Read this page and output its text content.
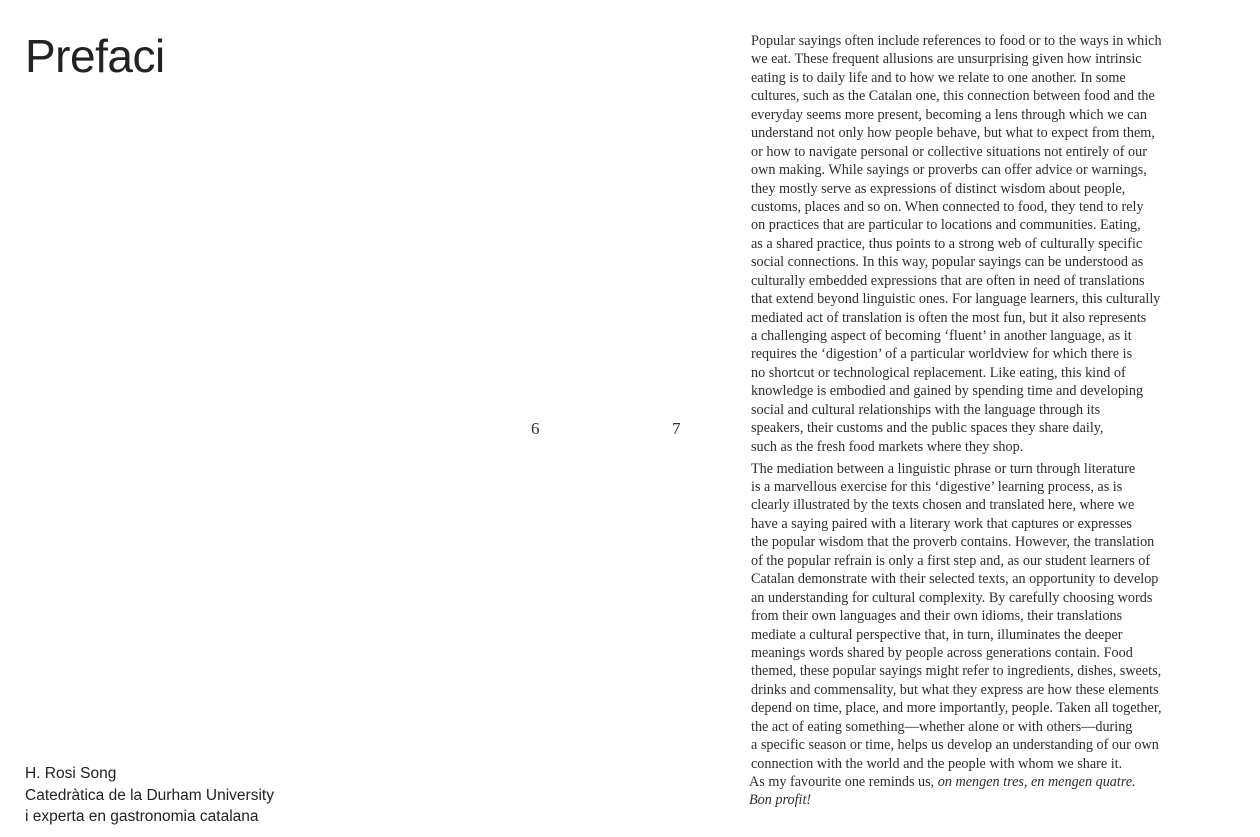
Prefaci
H. Rosi Song
Catedràtica de la Durham University
i experta en gastronomia catalana
6	7
Popular sayings often include references to food or to the ways in which
we eat. These frequent allusions are unsurprising given how intrinsic
eating is to daily life and to how we relate to one another. In some
cultures, such as the Catalan one, this connection between food and the
everyday seems more present, becoming a lens through which we can
understand not only how people behave, but what to expect from them,
or how to navigate personal or collective situations not entirely of our
own making. While sayings or proverbs can offer advice or warnings,
they mostly serve as expressions of distinct wisdom about people,
customs, places and so on. When connected to food, they tend to rely
on practices that are particular to locations and communities. Eating,
as a shared practice, thus points to a strong web of culturally specific
social connections. In this way, popular sayings can be understood as
culturally embedded expressions that are often in need of translations
that extend beyond linguistic ones. For language learners, this culturally
mediated act of translation is often the most fun, but it also represents
a challenging aspect of becoming ‘fluent’ in another language, as it
requires the ‘digestion’ of a particular worldview for which there is
no shortcut or technological replacement. Like eating, this kind of
knowledge is embodied and gained by spending time and developing
social and cultural relationships with the language through its
speakers, their customs and the public spaces they share daily,
such as the fresh food markets where they shop.
The mediation between a linguistic phrase or turn through literature
is a marvellous exercise for this ‘digestive’ learning process, as is
clearly illustrated by the texts chosen and translated here, where we
have a saying paired with a literary work that captures or expresses
the popular wisdom that the proverb contains. However, the translation
of the popular refrain is only a first step and, as our student learners of
Catalan demonstrate with their selected texts, an opportunity to develop
an understanding for cultural complexity. By carefully choosing words
from their own languages and their own idioms, their translations
mediate a cultural perspective that, in turn, illuminates the deeper
meanings words shared by people across generations contain. Food
themed, these popular sayings might refer to ingredients, dishes, sweets,
drinks and commensality, but what they express are how these elements
depend on time, place, and more importantly, people. Taken all together,
the act of eating something—whether alone or with others—during
a specific season or time, helps us develop an understanding of our own
connection with the world and the people with whom we share it.
As my favourite one reminds us, on mengen tres, en mengen quatre.
Bon profit!
